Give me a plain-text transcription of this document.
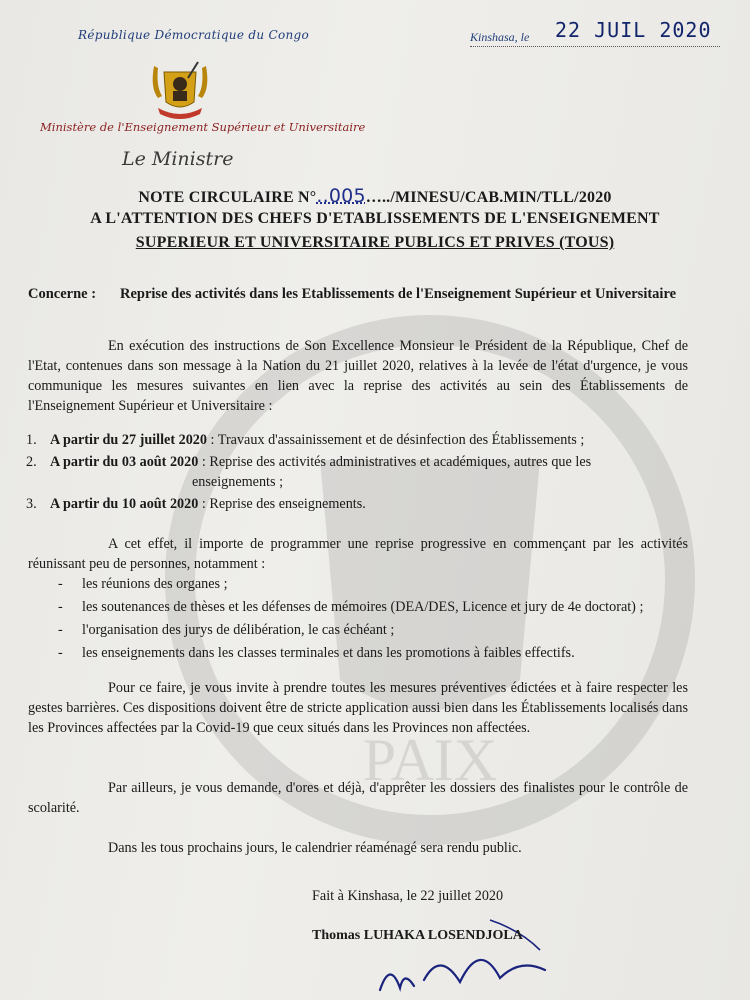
PAIX
République Démocratique du Congo	Kinshasa, le 22 JUIL 2020
Ministère de l'Enseignement Supérieur et Universitaire
Le Ministre
NOTE CIRCULAIRE N°..005…../MINESU/CAB.MIN/TLL/2020
A L'ATTENTION DES CHEFS D'ETABLISSEMENTS DE L'ENSEIGNEMENT
SUPERIEUR ET UNIVERSITAIRE PUBLICS ET PRIVES (TOUS)
Concerne : Reprise des activités dans les Etablissements de l'Enseignement Supérieur et Universitaire
En exécution des instructions de Son Excellence Monsieur le Président de la République, Chef de l'Etat, contenues dans son message à la Nation du 21 juillet 2020, relatives à la levée de l'état d'urgence, je vous communique les mesures suivantes en lien avec la reprise des activités au sein des Établissements de l'Enseignement Supérieur et Universitaire :
1. A partir du 27 juillet 2020 : Travaux d'assainissement et de désinfection des Établissements ;
2. A partir du 03 août 2020 : Reprise des activités administratives et académiques, autres que les
enseignements ;
3. A partir du 10 août 2020 : Reprise des enseignements.
A cet effet, il importe de programmer une reprise progressive en commençant par les activités réunissant peu de personnes, notamment :
- les réunions des organes ;
- les soutenances de thèses et les défenses de mémoires (DEA/DES, Licence et jury de 4e doctorat) ;
- l'organisation des jurys de délibération, le cas échéant ;
- les enseignements dans les classes terminales et dans les promotions à faibles effectifs.
Pour ce faire, je vous invite à prendre toutes les mesures préventives édictées et à faire respecter les gestes barrières. Ces dispositions doivent être de stricte application aussi bien dans les Établissements localisés dans les Provinces affectées par la Covid-19 que ceux situés dans les Provinces non affectées.
Par ailleurs, je vous demande, d'ores et déjà, d'apprêter les dossiers des finalistes pour le contrôle de scolarité.
Dans les tous prochains jours, le calendrier réaménagé sera rendu public.
Fait à Kinshasa, le 22 juillet 2020
Thomas LUHAKA LOSENDJOLA
